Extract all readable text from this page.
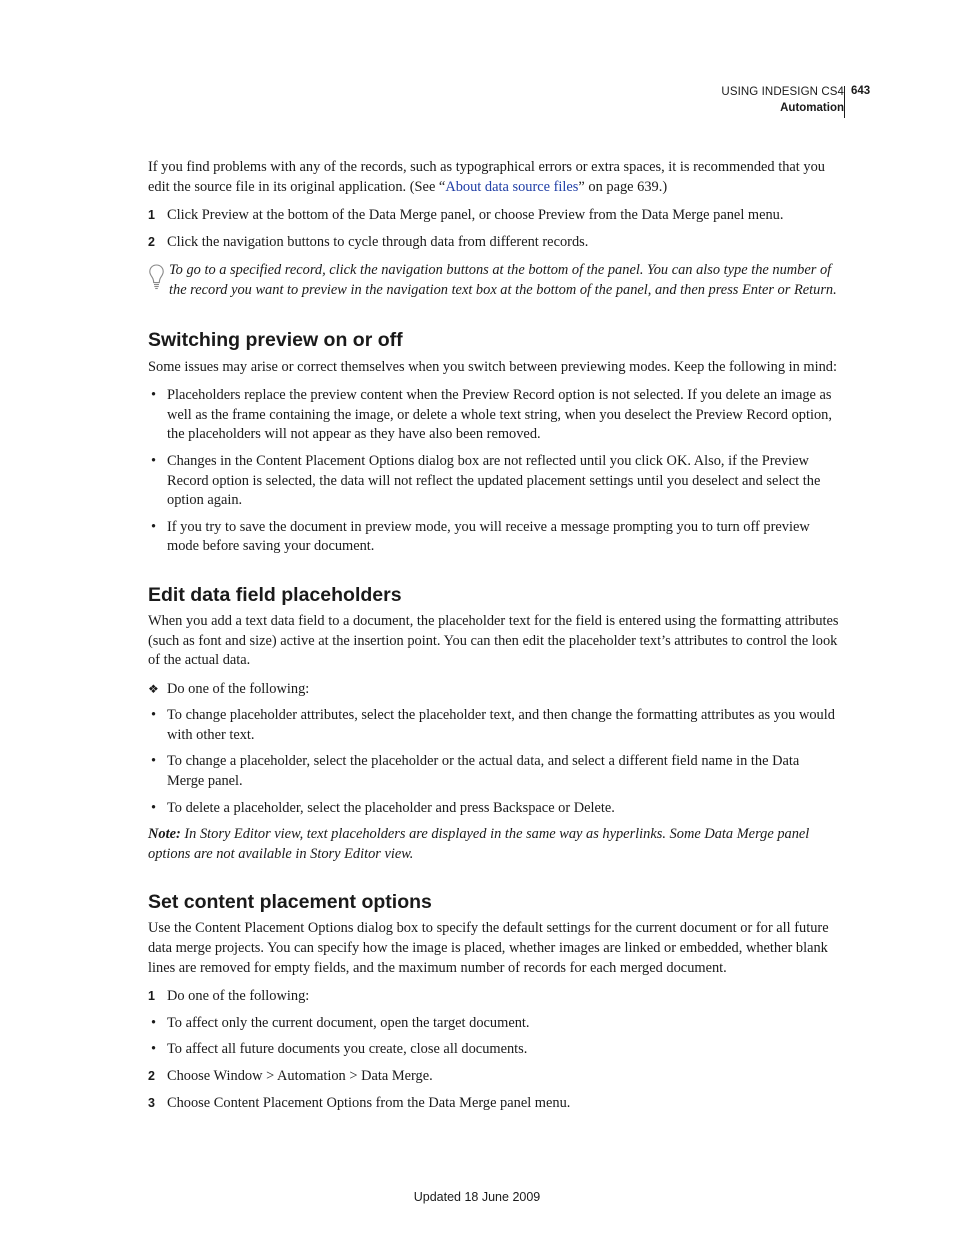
USING INDESIGN CS4
Automation
643

If you find problems with any of the records, such as typographical errors or extra spaces, it is recommended that you edit the source file in its original application. (See “About data source files” on page 639.)

1 Click Preview at the bottom of the Data Merge panel, or choose Preview from the Data Merge panel menu.
2 Click the navigation buttons to cycle through data from different records.
To go to a specified record, click the navigation buttons at the bottom of the panel. You can also type the number of the record you want to preview in the navigation text box at the bottom of the panel, and then press Enter or Return.
Switching preview on or off

Some issues may arise or correct themselves when you switch between previewing modes. Keep the following in mind:

• Placeholders replace the preview content when the Preview Record option is not selected. If you delete an image as well as the frame containing the image, or delete a whole text string, when you deselect the Preview Record option, the placeholders will not appear as they have also been removed.
• Changes in the Content Placement Options dialog box are not reflected until you click OK. Also, if the Preview Record option is selected, the data will not reflect the updated placement settings until you deselect and select the option again.
• If you try to save the document in preview mode, you will receive a message prompting you to turn off preview mode before saving your document.
Edit data field placeholders

When you add a text data field to a document, the placeholder text for the field is entered using the formatting attributes (such as font and size) active at the insertion point. You can then edit the placeholder text’s attributes to control the look of the actual data.

❖ Do one of the following:
• To change placeholder attributes, select the placeholder text, and then change the formatting attributes as you would with other text.
• To change a placeholder, select the placeholder or the actual data, and select a different field name in the Data Merge panel.
• To delete a placeholder, select the placeholder and press Backspace or Delete.

Note: In Story Editor view, text placeholders are displayed in the same way as hyperlinks. Some Data Merge panel options are not available in Story Editor view.

Set content placement options

Use the Content Placement Options dialog box to specify the default settings for the current document or for all future data merge projects. You can specify how the image is placed, whether images are linked or embedded, whether blank lines are removed for empty fields, and the maximum number of records for each merged document.

1 Do one of the following:
• To affect only the current document, open the target document.
• To affect all future documents you create, close all documents.
2 Choose Window > Automation > Data Merge.
3 Choose Content Placement Options from the Data Merge panel menu.
Updated 18 June 2009
